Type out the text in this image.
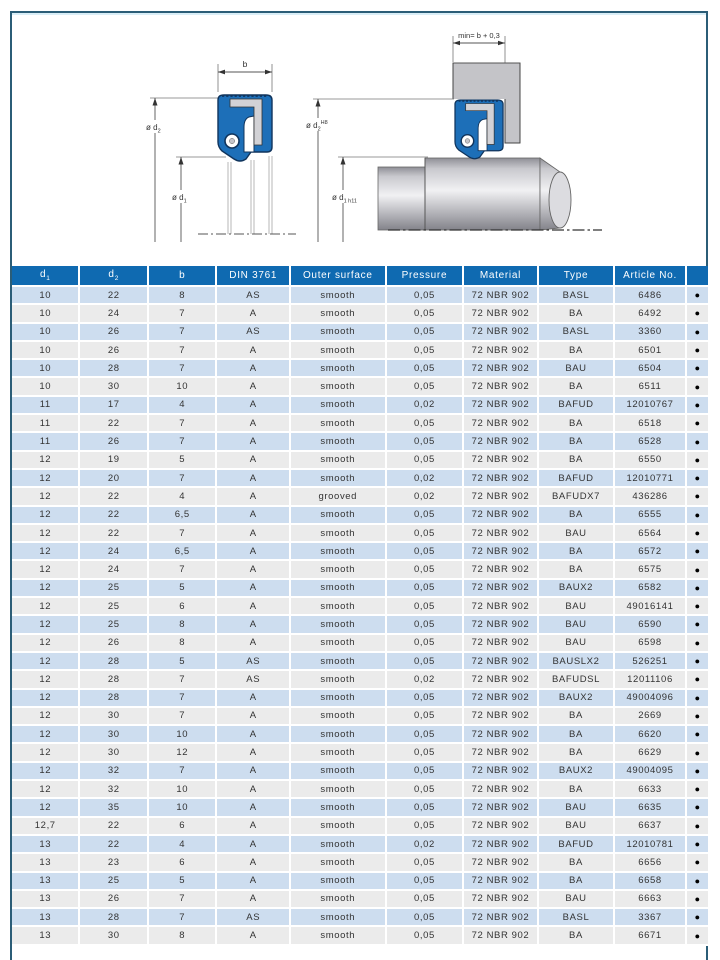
b
ø $d_2$
ø $d_1$
min= b + 0,3
ø $d_2^{H8}$
ø $d_1$ h11
$d_1$	$d_2$	b	DIN 3761	Outer surface	Pressure	Material	Type	Article No.	
10	22	8	AS	smooth	0,05	72 NBR 902	BASL	6486	●
10	24	7	A	smooth	0,05	72 NBR 902	BA	6492	●
10	26	7	AS	smooth	0,05	72 NBR 902	BASL	3360	●
10	26	7	A	smooth	0,05	72 NBR 902	BA	6501	●
10	28	7	A	smooth	0,05	72 NBR 902	BAU	6504	●
10	30	10	A	smooth	0,05	72 NBR 902	BA	6511	●
11	17	4	A	smooth	0,02	72 NBR 902	BAFUD	12010767	●
11	22	7	A	smooth	0,05	72 NBR 902	BA	6518	●
11	26	7	A	smooth	0,05	72 NBR 902	BA	6528	●
12	19	5	A	smooth	0,05	72 NBR 902	BA	6550	●
12	20	7	A	smooth	0,02	72 NBR 902	BAFUD	12010771	●
12	22	4	A	grooved	0,02	72 NBR 902	BAFUDX7	436286	●
12	22	6,5	A	smooth	0,05	72 NBR 902	BA	6555	●
12	22	7	A	smooth	0,05	72 NBR 902	BAU	6564	●
12	24	6,5	A	smooth	0,05	72 NBR 902	BA	6572	●
12	24	7	A	smooth	0,05	72 NBR 902	BA	6575	●
12	25	5	A	smooth	0,05	72 NBR 902	BAUX2	6582	●
12	25	6	A	smooth	0,05	72 NBR 902	BAU	49016141	●
12	25	8	A	smooth	0,05	72 NBR 902	BAU	6590	●
12	26	8	A	smooth	0,05	72 NBR 902	BAU	6598	●
12	28	5	AS	smooth	0,05	72 NBR 902	BAUSLX2	526251	●
12	28	7	AS	smooth	0,02	72 NBR 902	BAFUDSL	12011106	●
12	28	7	A	smooth	0,05	72 NBR 902	BAUX2	49004096	●
12	30	7	A	smooth	0,05	72 NBR 902	BA	2669	●
12	30	10	A	smooth	0,05	72 NBR 902	BA	6620	●
12	30	12	A	smooth	0,05	72 NBR 902	BA	6629	●
12	32	7	A	smooth	0,05	72 NBR 902	BAUX2	49004095	●
12	32	10	A	smooth	0,05	72 NBR 902	BA	6633	●
12	35	10	A	smooth	0,05	72 NBR 902	BAU	6635	●
12,7	22	6	A	smooth	0,05	72 NBR 902	BAU	6637	●
13	22	4	A	smooth	0,02	72 NBR 902	BAFUD	12010781	●
13	23	6	A	smooth	0,05	72 NBR 902	BA	6656	●
13	25	5	A	smooth	0,05	72 NBR 902	BA	6658	●
13	26	7	A	smooth	0,05	72 NBR 902	BAU	6663	●
13	28	7	AS	smooth	0,05	72 NBR 902	BASL	3367	●
13	30	8	A	smooth	0,05	72 NBR 902	BA	6671	●
